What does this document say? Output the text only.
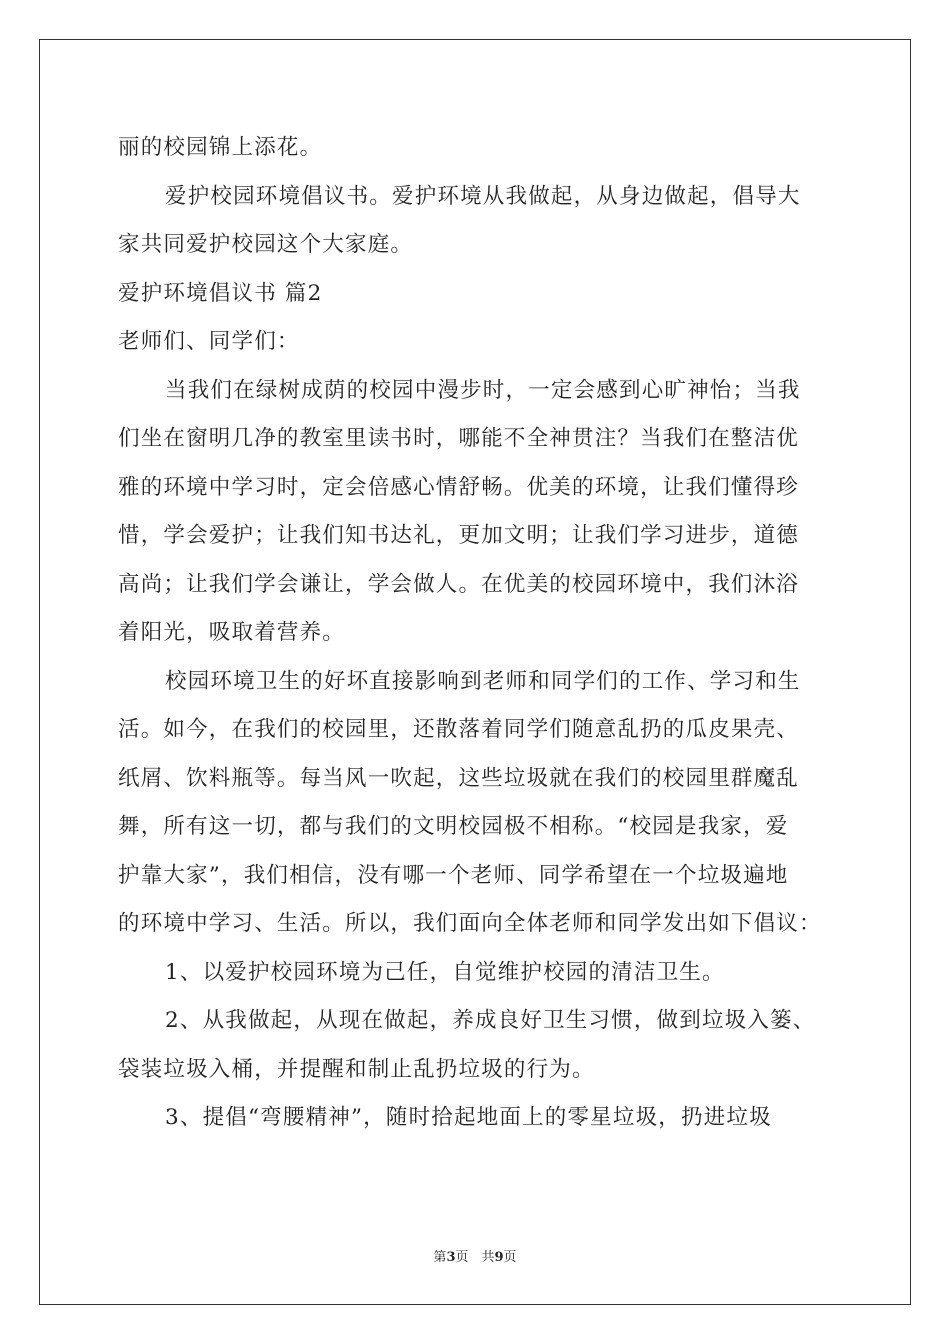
丽的校园锦上添花。
爱护校园环境倡议书。爱护环境从我做起，从身边做起，倡导大
家共同爱护校园这个大家庭。
爱护环境倡议书 篇2
老师们、同学们：
当我们在绿树成荫的校园中漫步时，一定会感到心旷神怡；当我
们坐在窗明几净的教室里读书时，哪能不全神贯注？当我们在整洁优
雅的环境中学习时，定会倍感心情舒畅。优美的环境，让我们懂得珍
惜，学会爱护；让我们知书达礼，更加文明；让我们学习进步，道德
高尚；让我们学会谦让，学会做人。在优美的校园环境中，我们沐浴
着阳光，吸取着营养。
校园环境卫生的好坏直接影响到老师和同学们的工作、学习和生
活。如今，在我们的校园里，还散落着同学们随意乱扔的瓜皮果壳、
纸屑、饮料瓶等。每当风一吹起，这些垃圾就在我们的校园里群魔乱
舞，所有这一切，都与我们的文明校园极不相称。“校园是我家，爱
护靠大家”，我们相信，没有哪一个老师、同学希望在一个垃圾遍地
的环境中学习、生活。所以，我们面向全体老师和同学发出如下倡议：
1、以爱护校园环境为己任，自觉维护校园的清洁卫生。
2、从我做起，从现在做起，养成良好卫生习惯，做到垃圾入篓、
袋装垃圾入桶，并提醒和制止乱扔垃圾的行为。
3、提倡“弯腰精神”，随时拾起地面上的零星垃圾，扔进垃圾
第3页　共9页
